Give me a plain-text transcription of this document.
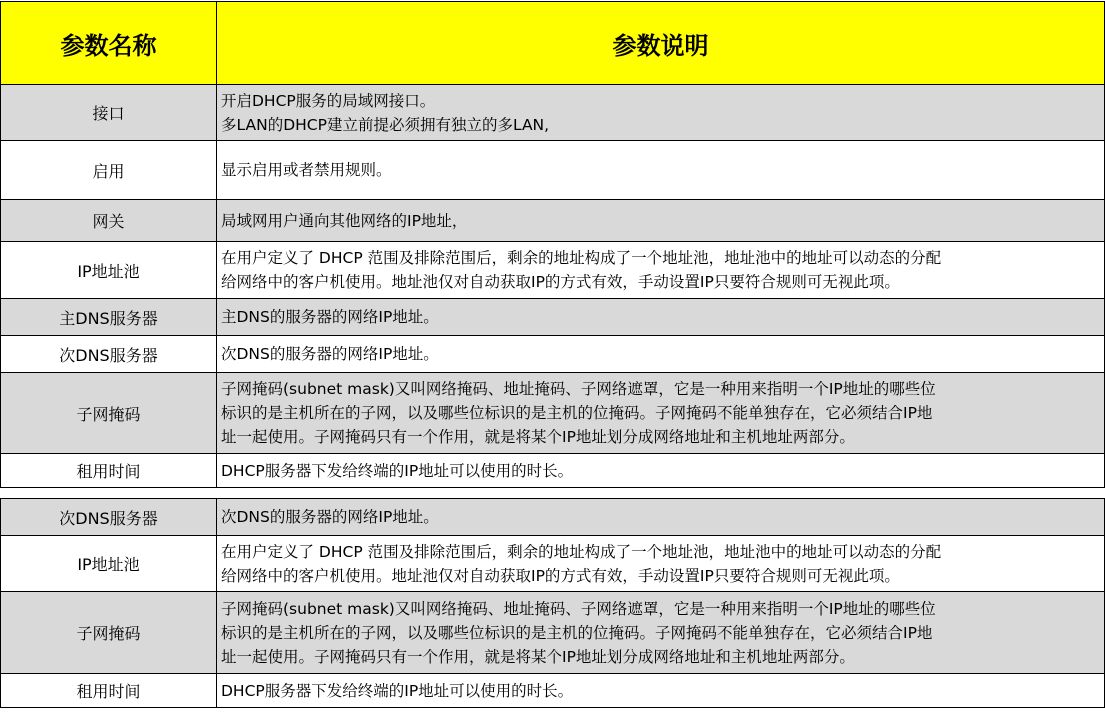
参数名称	参数说明
接口	开启DHCP服务的局域网接口。
多LAN的DHCP建立前提必须拥有独立的多LAN,

启用	显示启用或者禁用规则。

网关	局域网用户通向其他网络的IP地址，

IP地址池	在用户定义了 DHCP 范围及排除范围后，剩余的地址构成了一个地址池，地址池中的地址可以动态的分配
给网络中的客户机使用。地址池仅对自动获取IP的方式有效，手动设置IP只要符合规则可无视此项。

主DNS服务器	主DNS的服务器的网络IP地址。

次DNS服务器	次DNS的服务器的网络IP地址。

子网掩码	子网掩码(subnet mask)又叫网络掩码、地址掩码、子网络遮罩，它是一种用来指明一个IP地址的哪些位
标识的是主机所在的子网，以及哪些位标识的是主机的位掩码。子网掩码不能单独存在，它必须结合IP地
址一起使用。子网掩码只有一个作用，就是将某个IP地址划分成网络地址和主机地址两部分。

租用时间	DHCP服务器下发给终端的IP地址可以使用的时长。
次DNS服务器	次DNS的服务器的网络IP地址。

IP地址池	在用户定义了 DHCP 范围及排除范围后，剩余的地址构成了一个地址池，地址池中的地址可以动态的分配
给网络中的客户机使用。地址池仅对自动获取IP的方式有效，手动设置IP只要符合规则可无视此项。

子网掩码	子网掩码(subnet mask)又叫网络掩码、地址掩码、子网络遮罩，它是一种用来指明一个IP地址的哪些位
标识的是主机所在的子网，以及哪些位标识的是主机的位掩码。子网掩码不能单独存在，它必须结合IP地
址一起使用。子网掩码只有一个作用，就是将某个IP地址划分成网络地址和主机地址两部分。

租用时间	DHCP服务器下发给终端的IP地址可以使用的时长。
